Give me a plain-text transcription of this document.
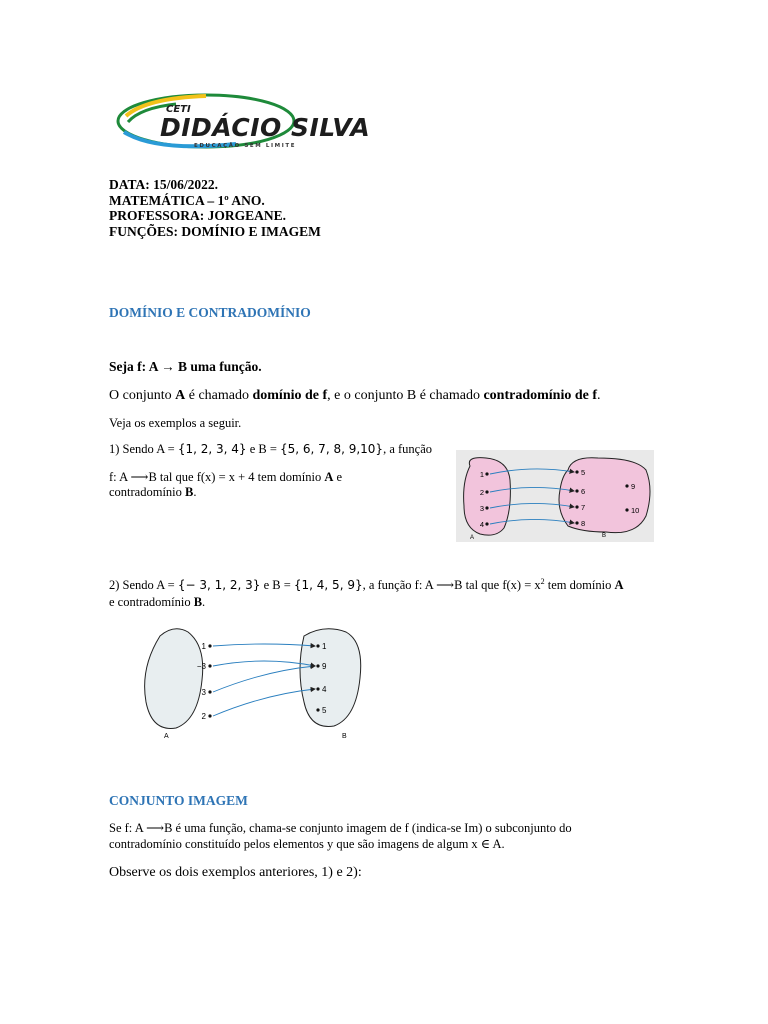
CETI
DIDÁCIO SILVA
EDUCAÇÃO SEM LIMITE
DATA: 15/06/2022.
MATEMÁTICA – 1º ANO.
PROFESSORA: JORGEANE.
FUNÇÕES: DOMÍNIO E IMAGEM
DOMÍNIO E CONTRADOMÍNIO
Seja f: A → B uma função.
O conjunto A é chamado domínio de f, e o conjunto B é chamado contradomínio de f.
Veja os exemplos a seguir.
1) Sendo A = {1, 2, 3, 4} e B = {5, 6, 7, 8, 9,10}, a função
f: A ⟶B tal que f(x) = x + 4 tem domínio A e
contradomínio B.
1
2
3
4
5
6
7
8
9
10
A	B
2) Sendo A = {− 3, 1, 2, 3} e B = {1, 4, 5, 9}, a função f: A ⟶B tal que $f(x) = x^2$ tem domínio A
e contradomínio B.
1
−3
3
2
1
9
4
5
A	B
CONJUNTO IMAGEM
Se f: A ⟶B é uma função, chama-se conjunto imagem de f (indica-se Im) o subconjunto do
contradomínio constituído pelos elementos y que são imagens de algum x ∈ A.
Observe os dois exemplos anteriores, 1) e 2):
